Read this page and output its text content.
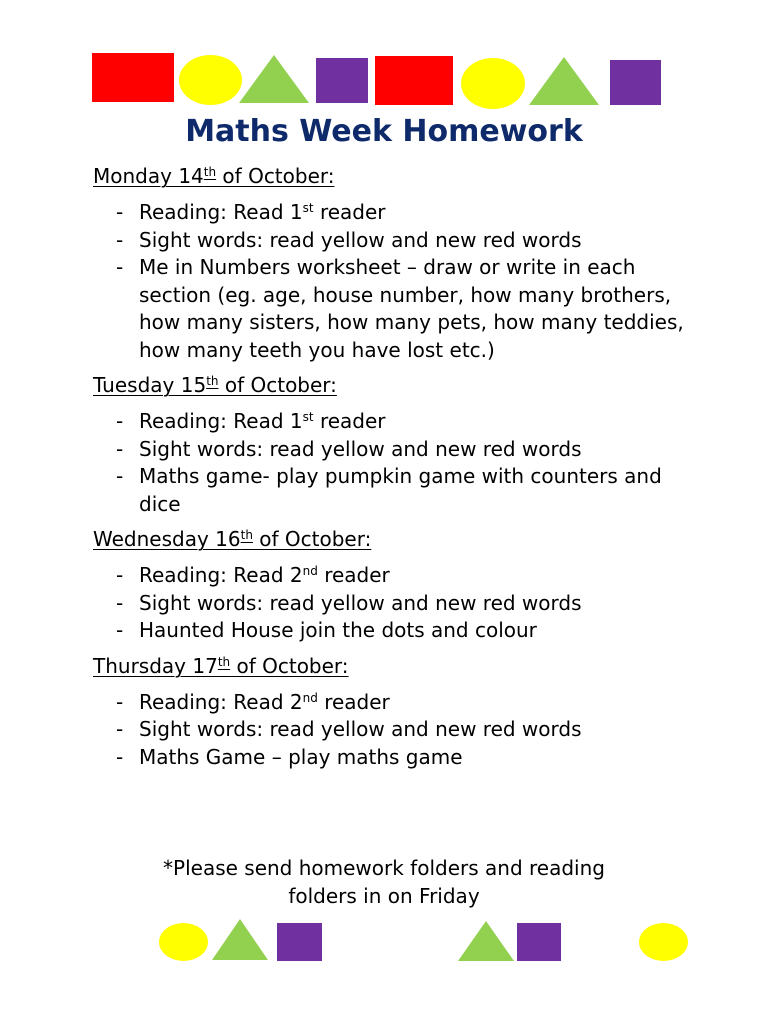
Maths Week Homework
Monday 14th of October:
- Reading: Read 1st reader
- Sight words: read yellow and new red words
- Me in Numbers worksheet – draw or write in each section (eg. age, house number, how many brothers, how many sisters, how many pets, how many teddies, how many teeth you have lost etc.)
Tuesday 15th of October:
- Reading: Read 1st reader
- Sight words: read yellow and new red words
- Maths game- play pumpkin game with counters and dice
Wednesday 16th of October:
- Reading: Read 2nd reader
- Sight words: read yellow and new red words
- Haunted House join the dots and colour
Thursday 17th of October:
- Reading: Read 2nd reader
- Sight words: read yellow and new red words
- Maths Game – play maths game
*Please send homework folders and reading
folders in on Friday
